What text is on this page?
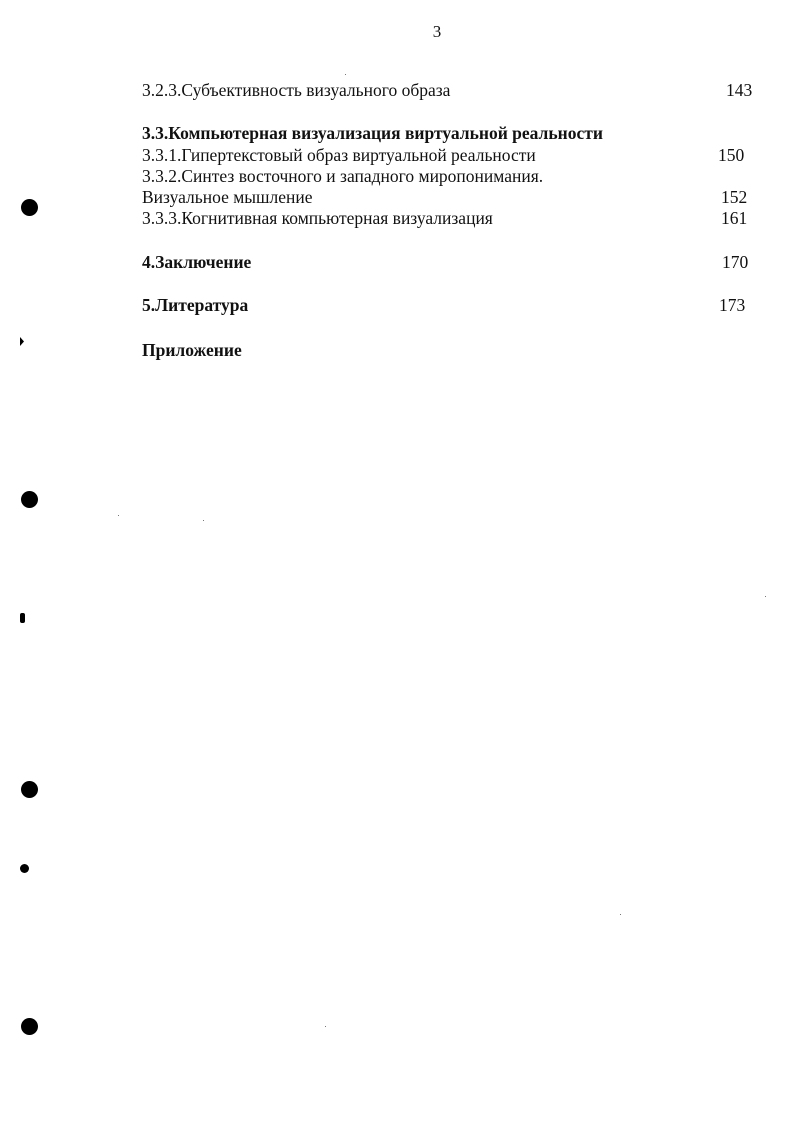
3
3.2.3.Субъективность визуального образа	143
3.3.Компьютерная визуализация виртуальной реальности
3.3.1.Гипертекстовый образ виртуальной реальности	150
3.3.2.Синтез восточного и западного миропонимания.
Визуальное мышление	152
3.3.3.Когнитивная компьютерная визуализация	161
4.Заключение	170
5.Литература	173
Приложение
